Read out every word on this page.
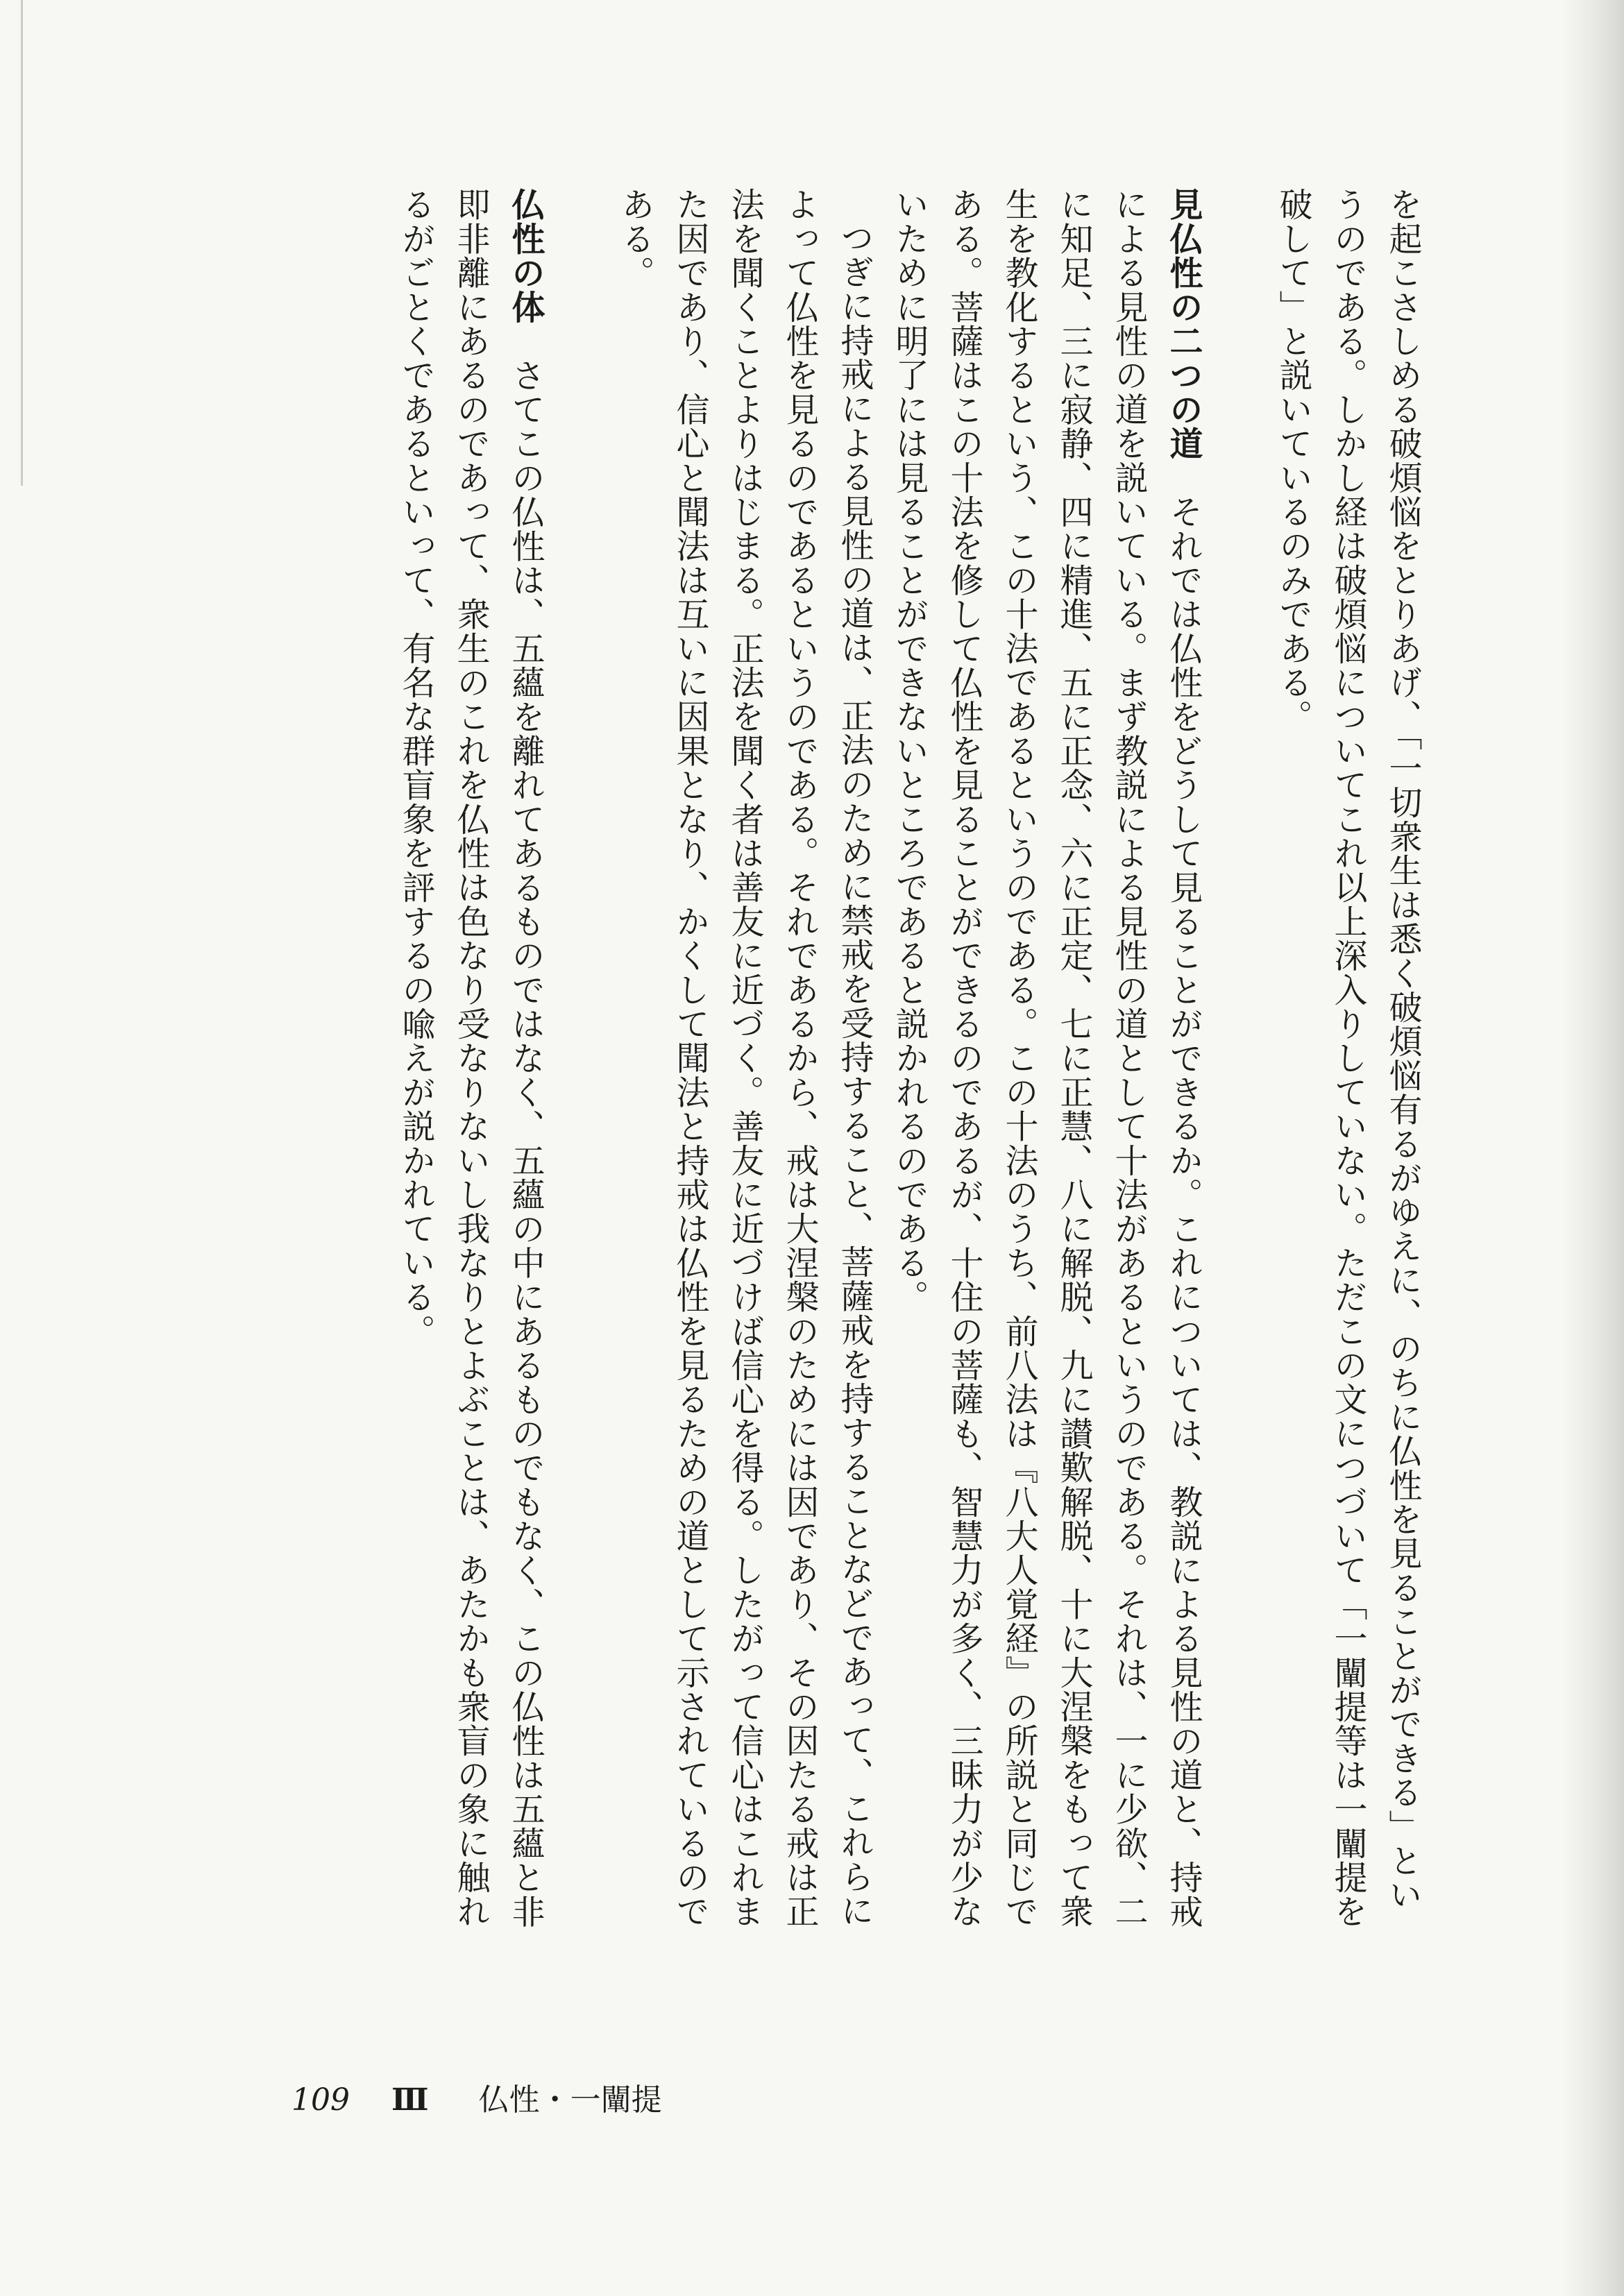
を起こさしめる破煩悩をとりあげ、「一切衆生は悉く破煩悩有るがゆえに、のちに仏性を見ることができる」というのである。しかし経は破煩悩についてこれ以上深入りしていない。ただこの文につづいて「一闡提等は一闡提を破して」と説いているのみである。

見仏性の二つの道　それでは仏性をどうして見ることができるか。これについては、教説による見性の道と、持戒による見性の道を説いている。まず教説による見性の道として十法があるというのである。それは、一に少欲、二に知足、三に寂静、四に精進、五に正念、六に正定、七に正慧、八に解脱、九に讃歎解脱、十に大涅槃をもって衆生を教化するという、この十法であるというのである。この十法のうち、前八法は『八大人覚経』の所説と同じである。菩薩はこの十法を修して仏性を見ることができるのであるが、十住の菩薩も、智慧力が多く、三昧力が少ないために明了には見ることができないところであると説かれるのである。

つぎに持戒による見性の道は、正法のために禁戒を受持すること、菩薩戒を持することなどであって、これらによって仏性を見るのであるというのである。それであるから、戒は大涅槃のためには因であり、その因たる戒は正法を聞くことよりはじまる。正法を聞く者は善友に近づく。善友に近づけば信心を得る。したがって信心はこれまた因であり、信心と聞法は互いに因果となり、かくして聞法と持戒は仏性を見るための道として示されているのである。

仏性の体　さてこの仏性は、五蘊を離れてあるものではなく、五蘊の中にあるものでもなく、この仏性は五蘊と非即非離にあるのであって、衆生のこれを仏性は色なり受なりないし我なりとよぶことは、あたかも衆盲の象に触れるがごとくであるといって、有名な群盲象を評するの喩えが説かれている。

109 Ⅲ 　 仏性・一闡提
